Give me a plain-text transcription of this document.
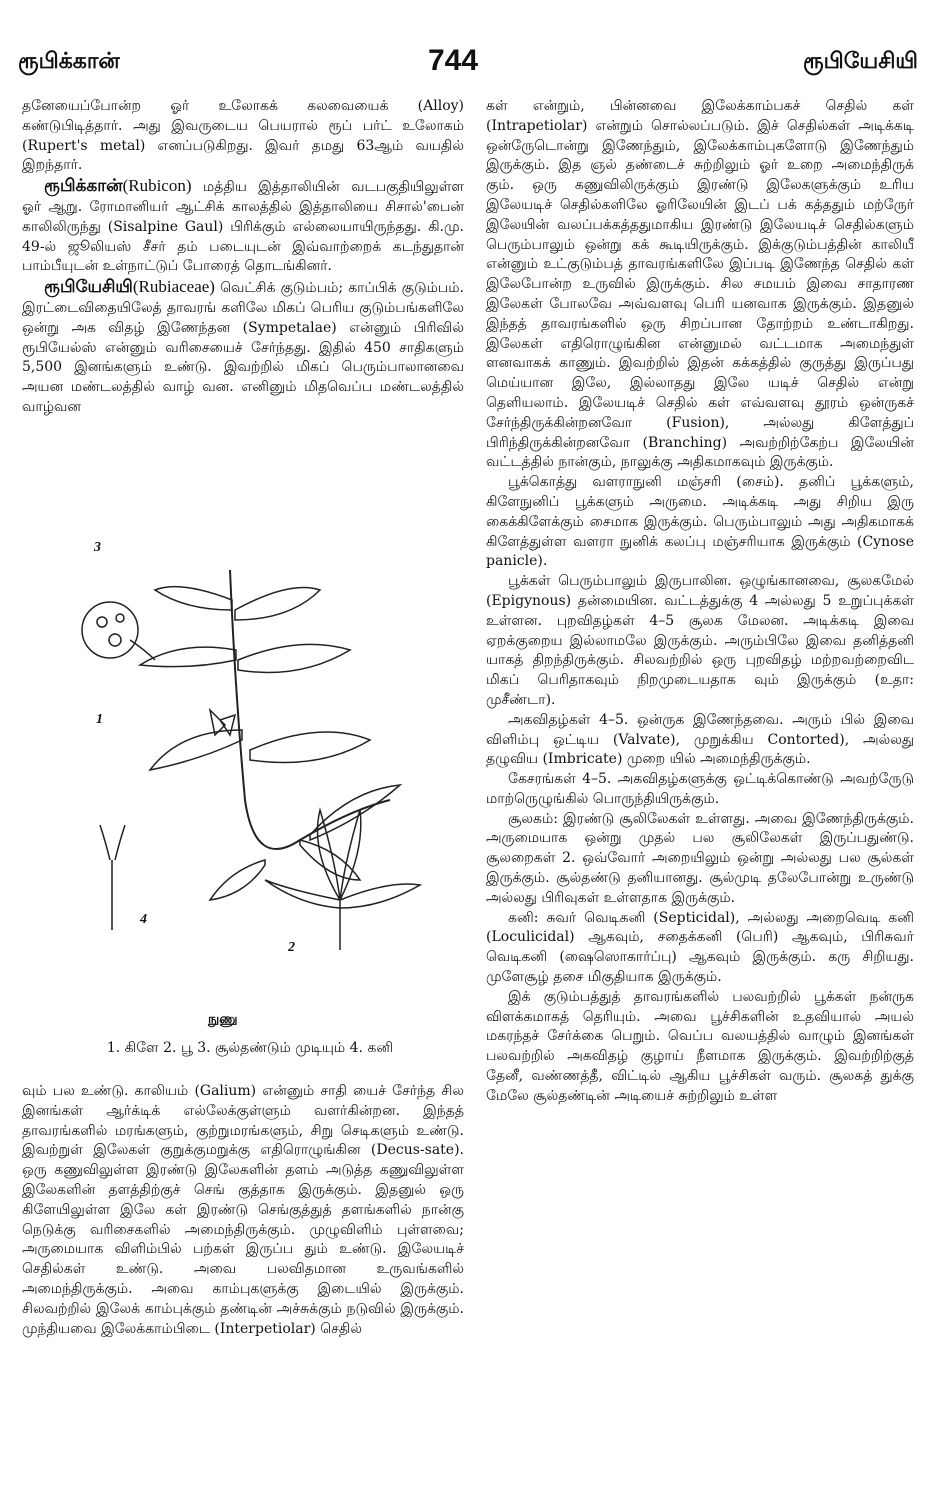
ரூபிக்கான்	744	ரூபியேசியி

தனேயைப்போன்ற ஓர் உலோகக் கலவையைக் (Alloy) கண்டுபிடித்தார். அது இவருடைய பெயரால் ரூப் பர்ட் உலோகம் (Rupert's metal) எனப்படுகிறது. இவர் தமது 63ஆம் வயதில் இறந்தார்.

ரூபிக்கான்(Rubicon) மத்திய இத்தாலியின் வடபகுதியிலுள்ள ஓர் ஆறு. ரோமானியர் ஆட்சிக் காலத்தில் இத்தாலியை சிசால்'பைன் காலிலிருந்து (Sisalpine Gaul) பிரிக்கும் எல்லையாயிருந்தது. கி.மு. 49-ல் ஜூலியஸ் சீசர் தம் படையுடன் இவ்வாற்றைக் கடந்துதான் பாம்பீயுடன் உள்நாட்டுப் போரைத் தொடங்கினர்.

ரூபியேசியி(Rubiaceae) வெட்சிக் குடும்பம்; காப்பிக் குடும்பம். இரட்டைவிதையிலேத் தாவரங் களிலே மிகப் பெரிய குடும்பங்களிலே ஒன்று அக விதழ் இணேந்தன (Sympetalae) என்னும் பிரிவில் ரூபியேல்ஸ் என்னும் வரிசையைச் சேர்ந்தது. இதில் 450 சாதிகளும் 5,500 இனங்களும் உண்டு. இவற்றில் மிகப் பெரும்பாலானவை அயன மண்டலத்தில் வாழ் வன. எனினும் மிதவெப்ப மண்டலத்தில் வாழ்வன

3
1
4
2
நுணு
1. கிளே 2. பூ 3. சூல்தண்டும் முடியும் 4. கனி

வும் பல உண்டு. காலியம் (Galium) என்னும் சாதி யைச் சேர்ந்த சில இனங்கள் ஆர்க்டிக் எல்லேக்குள்ளும் வளர்கின்றன. இந்தத் தாவரங்களில் மரங்களும், குற்றுமரங்களும், சிறு செடிகளும் உண்டு. இவற்றுள் இலேகள் குறுக்குமறுக்கு எதிரொழுங்கின (Decus-sate). ஒரு கணுவிலுள்ள இரண்டு இலேகளின் தளம் அடுத்த கணுவிலுள்ள இலேகளின் தளத்திற்குச் செங் குத்தாக இருக்கும். இதனுல் ஒரு கிளேயிலுள்ள இலே கள் இரண்டு செங்குத்துத் தளங்களில் நான்கு நெடுக்கு வரிசைகளில் அமைந்திருக்கும். முழுவிளிம் புள்ளவை; அருமையாக விளிம்பில் பற்கள் இருப்ப தும் உண்டு. இலேயடிச் செதில்கள் உண்டு. அவை பலவிதமான உருவங்களில் அமைந்திருக்கும். அவை காம்புகளுக்கு இடையில் இருக்கும். சிலவற்றில் இலேக் காம்புக்கும் தண்டின் அச்சுக்கும் நடுவில் இருக்கும். முந்தியவை இலேக்காம்பிடை (Interpetiolar) செதில்

கள் என்றும், பின்னவை இலேக்காம்பகச் செதில் கள் (Intrapetiolar) என்றும் சொல்லப்படும். இச் செதில்கள் அடிக்கடி ஒன்ருேடொன்று இணேந்தும், இலேக்காம்புகளோடு இணேந்தும் இருக்கும். இத ஞல் தண்டைச் சுற்றிலும் ஓர் உறை அமைந்திருக் கும். ஒரு கணுவிலிருக்கும் இரண்டு இலேகளுக்கும் உரிய இலேயடிச் செதில்களிலே ஓரிலேயின் இடப் பக் கத்ததும் மற்ருேர் இலேயின் வலப்பக்கத்ததுமாகிய இரண்டு இலேயடிச் செதில்களும் பெரும்பாலும் ஒன்று கக் கூடியிருக்கும். இக்குடும்பத்தின் காலியீ என்னும் உட்குடும்பத் தாவரங்களிலே இப்படி இணேந்த செதில் கள் இலேபோன்ற உருவில் இருக்கும். சில சமயம் இவை சாதாரண இலேகள் போலவே அவ்வளவு பெரி யனவாக இருக்கும். இதனுல் இந்தத் தாவரங்களில் ஒரு சிறப்பான தோற்றம் உண்டாகிறது. இலேகள் எதிரொழுங்கின என்னுமல் வட்டமாக அமைந்துள் ளனவாகக் காணும். இவற்றில் இதன் கக்கத்தில் குருத்து இருப்பது மெய்யான இலே, இல்லாதது இலே யடிச் செதில் என்று தெளியலாம். இலேயடிச் செதில் கள் எவ்வளவு தூரம் ஒன்ருகச் சேர்ந்திருக்கின்றனவோ (Fusion), அல்லது கிளேத்துப் பிரிந்திருக்கின்றனவோ (Branching) அவற்றிற்கேற்ப இலேயின் வட்டத்தில் நான்கும், நாலுக்கு அதிகமாகவும் இருக்கும்.

பூக்கொத்து வளராநுனி மஞ்சரி (சைம்). தனிப் பூக்களும், கிளேநுனிப் பூக்களும் அருமை. அடிக்கடி அது சிறிய இரு கைக்கிளேக்கும் சைமாக இருக்கும். பெரும்பாலும் அது அதிகமாகக் கிளேத்துள்ள வளரா நுனிக் கலப்பு மஞ்சரியாக இருக்கும் (Cynose panicle).

பூக்கள் பெரும்பாலும் இருபாலின. ஒழுங்கானவை, சூலகமேல் (Epigynous) தன்மையின. வட்டத்துக்கு 4 அல்லது 5 உறுப்புக்கள் உள்ளன. புறவிதழ்கள் 4–5 சூலக மேலன. அடிக்கடி இவை ஏறக்குறைய இல்லாமலே இருக்கும். அரும்பிலே இவை தனித்தனி யாகத் திறந்திருக்கும். சிலவற்றில் ஒரு புறவிதழ் மற்றவற்றைவிட மிகப் பெரிதாகவும் நிறமுடையதாக வும் இருக்கும் (உதா: முசீண்டா).

அகவிதழ்கள் 4–5. ஒன்ருக இணேந்தவை. அரும் பில் இவை விளிம்பு ஒட்டிய (Valvate), முறுக்கிய Contorted), அல்லது தழுவிய (Imbricate) முறை யில் அமைந்திருக்கும்.

கேசரங்கள் 4–5. அகவிதழ்களுக்கு ஒட்டிக்கொண்டு அவற்ருேடு மாற்ருெழுங்கில் பொருந்தியிருக்கும்.

சூலகம்: இரண்டு சூலிலேகள் உள்ளது. அவை இணேந்திருக்கும். அருமையாக ஒன்று முதல் பல சூலிலேகள் இருப்பதுண்டு. சூலறைகள் 2. ஒவ்வோர் அறையிலும் ஒன்று அல்லது பல சூல்கள் இருக்கும். சூல்தண்டு தனியானது. சூல்முடி தலேபோன்று உருண்டு அல்லது பிரிவுகள் உள்ளதாக இருக்கும்.

கனி: சுவர் வெடிகனி (Septicidal), அல்லது அறைவெடி கனி (Loculicidal) ஆகவும், சதைக்கனி (பெரி) ஆகவும், பிரிசுவர் வெடிகனி (ஷைஸொகார்ப்பு) ஆகவும் இருக்கும். கரு சிறியது. முளேசூழ் தசை மிகுதியாக இருக்கும்.

இக் குடும்பத்துத் தாவரங்களில் பலவற்றில் பூக்கள் நன்ருக விளக்கமாகத் தெரியும். அவை பூச்சிகளின் உதவியால் அயல் மகரந்தச் சேர்க்கை பெறும். வெப்ப வலயத்தில் வாழும் இனங்கள் பலவற்றில் அகவிதழ் குழாய் நீளமாக இருக்கும். இவற்றிற்குத் தேனீ, வண்ணத்தீ, விட்டில் ஆகிய பூச்சிகள் வரும். சூலகத் துக்கு மேலே சூல்தண்டின் அடியைச் சுற்றிலும் உள்ள
